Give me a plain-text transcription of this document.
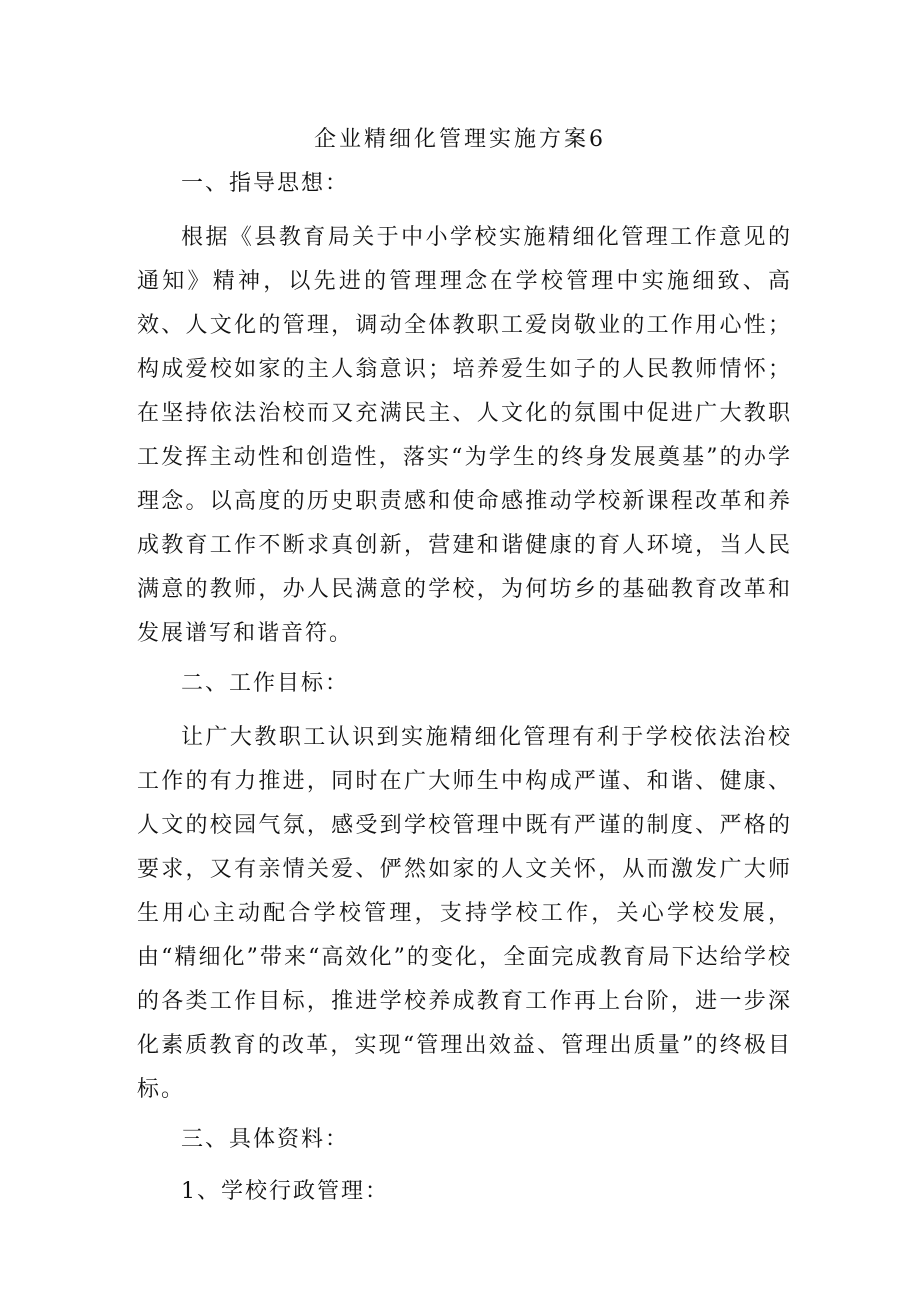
企业精细化管理实施方案6

一、指导思想：

根据《县教育局关于中小学校实施精细化管理工作意见的通知》精神，以先进的管理理念在学校管理中实施细致、高效、人文化的管理，调动全体教职工爱岗敬业的工作用心性；构成爱校如家的主人翁意识；培养爱生如子的人民教师情怀；在坚持依法治校而又充满民主、人文化的氛围中促进广大教职工发挥主动性和创造性，落实“为学生的终身发展奠基”的办学理念。以高度的历史职责感和使命感推动学校新课程改革和养成教育工作不断求真创新，营建和谐健康的育人环境，当人民满意的教师，办人民满意的学校，为何坊乡的基础教育改革和发展谱写和谐音符。

二、工作目标：

让广大教职工认识到实施精细化管理有利于学校依法治校工作的有力推进，同时在广大师生中构成严谨、和谐、健康、人文的校园气氛，感受到学校管理中既有严谨的制度、严格的要求，又有亲情关爱、俨然如家的人文关怀，从而激发广大师生用心主动配合学校管理，支持学校工作，关心学校发展，由“精细化”带来“高效化”的变化，全面完成教育局下达给学校的各类工作目标，推进学校养成教育工作再上台阶，进一步深化素质教育的改革，实现“管理出效益、管理出质量”的终极目标。

三、具体资料：

1、学校行政管理：
